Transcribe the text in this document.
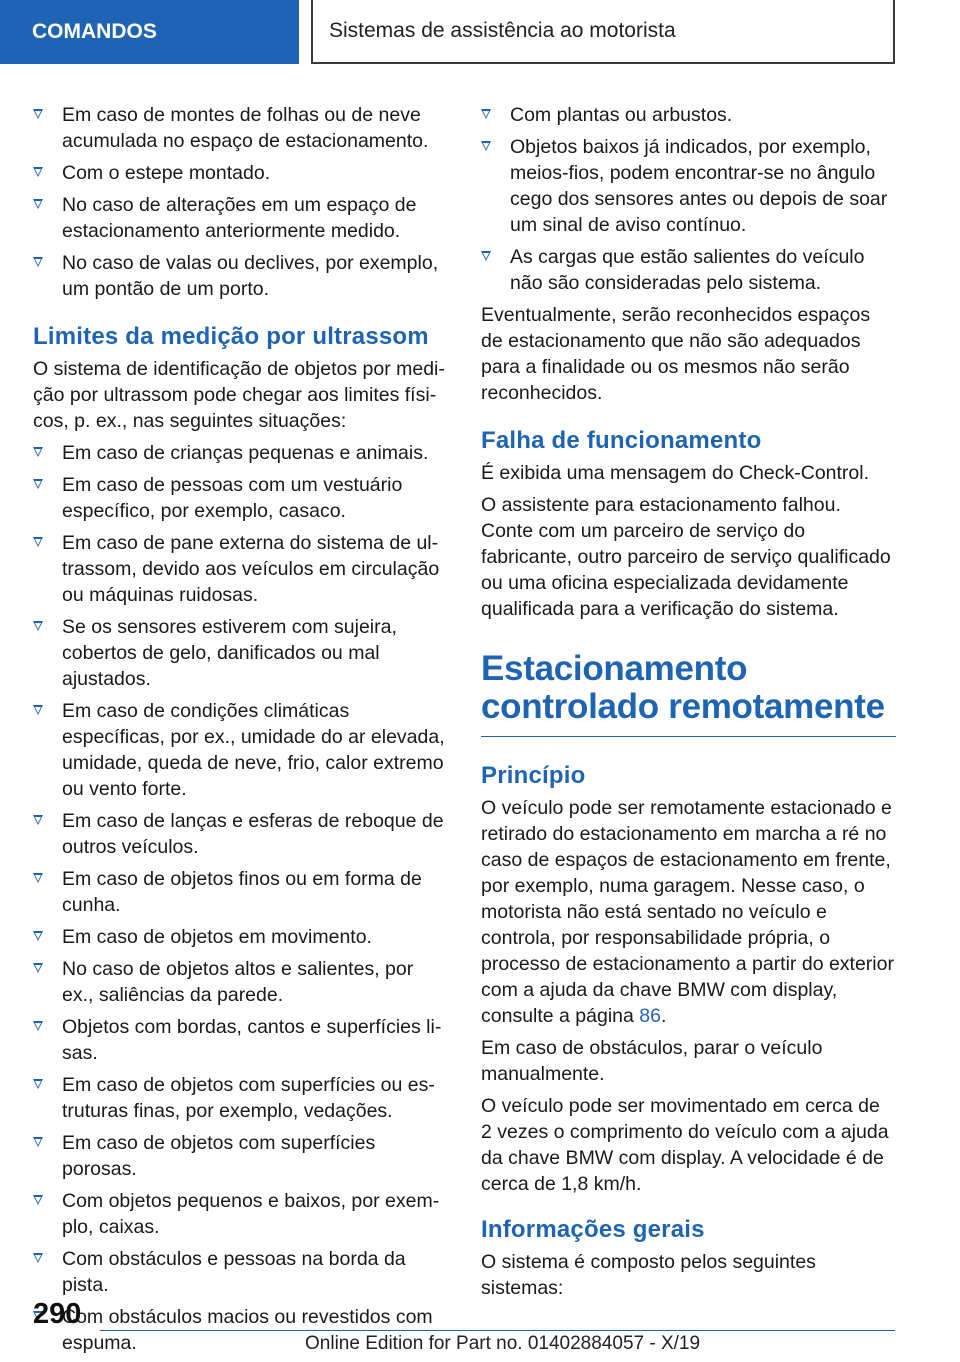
COMANDOS	Sistemas de assistência ao motorista
Em caso de montes de folhas ou de neve acumulada no espaço de estacionamento.
Com o estepe montado.
No caso de alterações em um espaço de estacionamento anteriormente medido.
No caso de valas ou declives, por exemplo, um pontão de um porto.
Limites da medição por ultrassom

O sistema de identificação de objetos por medição por ultrassom pode chegar aos limites físicos, p. ex., nas seguintes situações:

Em caso de crianças pequenas e animais.
Em caso de pessoas com um vestuário específico, por exemplo, casaco.
Em caso de pane externa do sistema de ultrassom, devido aos veículos em circulação ou máquinas ruidosas.
Se os sensores estiverem com sujeira, cobertos de gelo, danificados ou mal ajustados.
Em caso de condições climáticas específicas, por ex., umidade do ar elevada, umidade, queda de neve, frio, calor extremo ou vento forte.
Em caso de lanças e esferas de reboque de outros veículos.
Em caso de objetos finos ou em forma de cunha.
Em caso de objetos em movimento.
No caso de objetos altos e salientes, por ex., saliências da parede.
Objetos com bordas, cantos e superfícies lisas.
Em caso de objetos com superfícies ou estruturas finas, por exemplo, vedações.
Em caso de objetos com superfícies porosas.
Com objetos pequenos e baixos, por exemplo, caixas.
Com obstáculos e pessoas na borda da pista.
Com obstáculos macios ou revestidos com espuma.
Com plantas ou arbustos.
Objetos baixos já indicados, por exemplo, meios-fios, podem encontrar-se no ângulo cego dos sensores antes ou depois de soar um sinal de aviso contínuo.
As cargas que estão salientes do veículo não são consideradas pelo sistema.

Eventualmente, serão reconhecidos espaços de estacionamento que não são adequados para a finalidade ou os mesmos não serão reconhecidos.

Falha de funcionamento

É exibida uma mensagem do Check-Control.

O assistente para estacionamento falhou. Conte com um parceiro de serviço do fabricante, outro parceiro de serviço qualificado ou uma oficina especializada devidamente qualificada para a verificação do sistema.

Estacionamento controlado remotamente
Princípio

O veículo pode ser remotamente estacionado e retirado do estacionamento em marcha a ré no caso de espaços de estacionamento em frente, por exemplo, numa garagem. Nesse caso, o motorista não está sentado no veículo e controla, por responsabilidade própria, o processo de estacionamento a partir do exterior com a ajuda da chave BMW com display, consulte a página 86.

Em caso de obstáculos, parar o veículo manualmente.

O veículo pode ser movimentado em cerca de 2 vezes o comprimento do veículo com a ajuda da chave BMW com display. A velocidade é de cerca de 1,8 km/h.

Informações gerais

O sistema é composto pelos seguintes sistemas:

290
Online Edition for Part no. 01402884057 - X/19
